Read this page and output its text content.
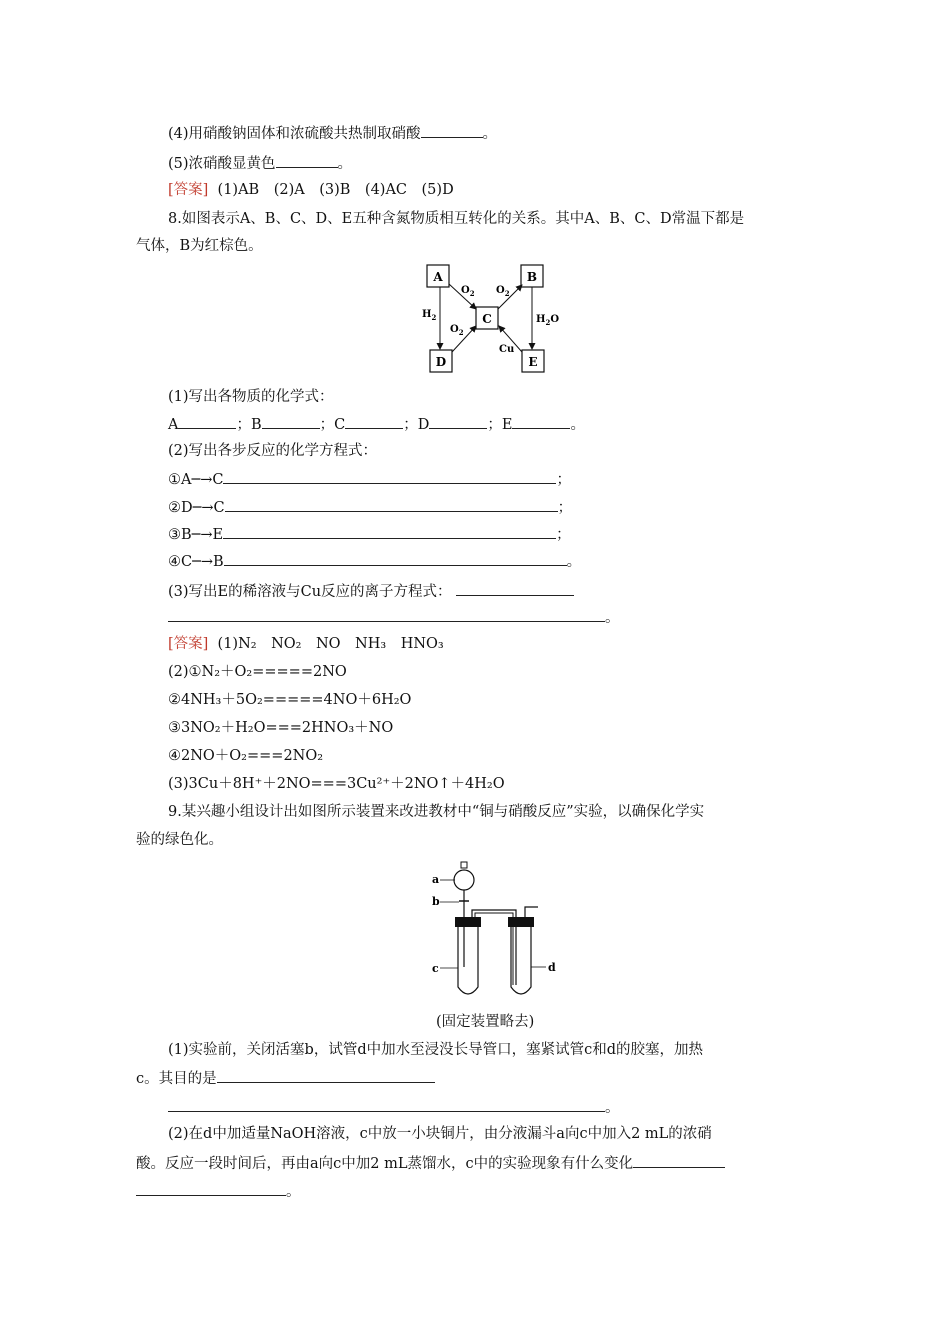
(4)用硝酸钠固体和浓硫酸共热制取硝酸	。
(5)浓硝酸显黄色	。
[答案] (1)AB　(2)A　(3)B　(4)AC　(5)D
8.如图表示A、B、C、D、E五种含氮物质相互转化的关系。其中A、B、C、D常温下都是
气体，B为红棕色。
A	B
C
D	E
$O_2$ $O_2$
$O_2$
$H_2$	$H_2O$
Cu
(1)写出各物质的化学式：
A	；B	；C	；D	；E	。
(2)写出各步反应的化学方程式：
①A─→C	；
②D─→C	；
③B─→E	；
④C─→B	。
(3)写出E的稀溶液与Cu反应的离子方程式：
。
[答案] (1)N₂　NO₂　NO　NH₃　HNO₃
(2)①N₂＋O₂=====2NO
②4NH₃＋5O₂=====4NO＋6H₂O
③3NO₂＋H₂O===2HNO₃＋NO
④2NO＋O₂===2NO₂
(3)3Cu＋8H⁺＋2NO===3Cu²⁺＋2NO↑＋4H₂O
9.某兴趣小组设计出如图所示装置来改进教材中“铜与硝酸反应”实验，以确保化学实
验的绿色化。
a
b
c	d
(固定装置略去)
(1)实验前，关闭活塞b，试管d中加水至浸没长导管口，塞紧试管c和d的胶塞，加热
c。其目的是
。
(2)在d中加适量NaOH溶液，c中放一小块铜片，由分液漏斗a向c中加入2 mL的浓硝
酸。反应一段时间后，再由a向c中加2 mL蒸馏水，c中的实验现象有什么变化
。
